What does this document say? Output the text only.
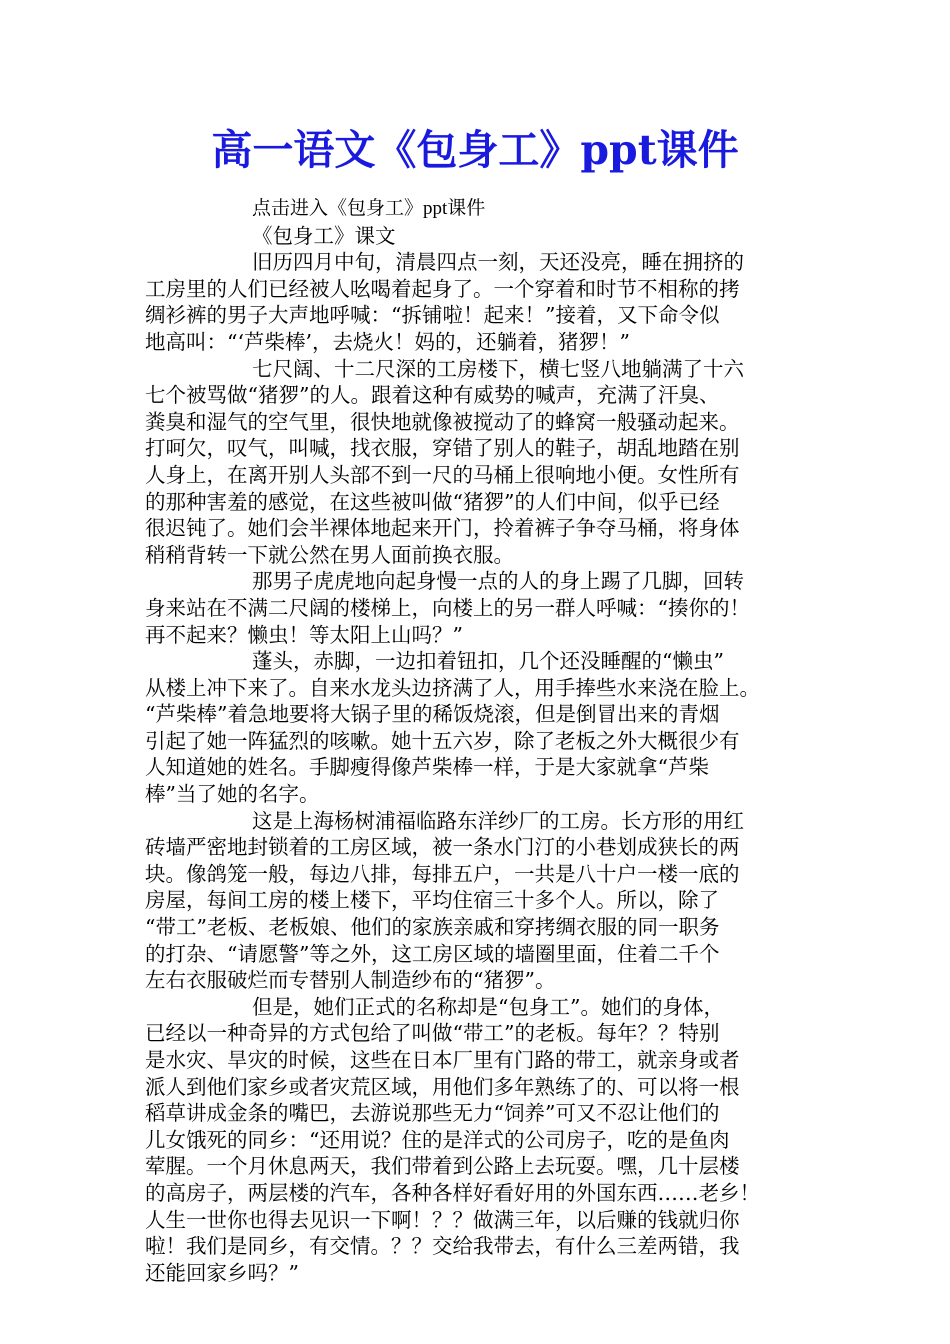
高一语文《包身工》ppt课件
点击进入《包身工》ppt课件
《包身工》课文
旧历四月中旬，清晨四点一刻，天还没亮，睡在拥挤的
工房里的人们已经被人吆喝着起身了。一个穿着和时节不相称的拷
绸衫裤的男子大声地呼喊：“拆铺啦！起来！”接着，又下命令似
地高叫：“‘芦柴棒’，去烧火！妈的，还躺着，猪猡！”
七尺阔、十二尺深的工房楼下，横七竖八地躺满了十六
七个被骂做“猪猡”的人。跟着这种有威势的喊声，充满了汗臭、
粪臭和湿气的空气里，很快地就像被搅动了的蜂窝一般骚动起来。
打呵欠，叹气，叫喊，找衣服，穿错了别人的鞋子，胡乱地踏在别
人身上，在离开别人头部不到一尺的马桶上很响地小便。女性所有
的那种害羞的感觉，在这些被叫做“猪猡”的人们中间，似乎已经
很迟钝了。她们会半裸体地起来开门，拎着裤子争夺马桶，将身体
稍稍背转一下就公然在男人面前换衣服。
那男子虎虎地向起身慢一点的人的身上踢了几脚，回转
身来站在不满二尺阔的楼梯上，向楼上的另一群人呼喊：“揍你的！
再不起来？懒虫！等太阳上山吗？”
蓬头，赤脚，一边扣着钮扣，几个还没睡醒的“懒虫”
从楼上冲下来了。自来水龙头边挤满了人，用手捧些水来浇在脸上。
“芦柴棒”着急地要将大锅子里的稀饭烧滚，但是倒冒出来的青烟
引起了她一阵猛烈的咳嗽。她十五六岁，除了老板之外大概很少有
人知道她的姓名。手脚瘦得像芦柴棒一样，于是大家就拿“芦柴
棒”当了她的名字。
这是上海杨树浦福临路东洋纱厂的工房。长方形的用红
砖墙严密地封锁着的工房区域，被一条水门汀的小巷划成狭长的两
块。像鸽笼一般，每边八排，每排五户，一共是八十户一楼一底的
房屋，每间工房的楼上楼下，平均住宿三十多个人。所以，除了
“带工”老板、老板娘、他们的家族亲戚和穿拷绸衣服的同一职务
的打杂、“请愿警”等之外，这工房区域的墙圈里面，住着二千个
左右衣服破烂而专替别人制造纱布的“猪猡”。
但是，她们正式的名称却是“包身工”。她们的身体，
已经以一种奇异的方式包给了叫做“带工”的老板。每年？？特别
是水灾、旱灾的时候，这些在日本厂里有门路的带工，就亲身或者
派人到他们家乡或者灾荒区域，用他们多年熟练了的、可以将一根
稻草讲成金条的嘴巴，去游说那些无力“饲养”可又不忍让他们的
儿女饿死的同乡：“还用说？住的是洋式的公司房子，吃的是鱼肉
荤腥。一个月休息两天，我们带着到公路上去玩耍。嘿，几十层楼
的高房子，两层楼的汽车，各种各样好看好用的外国东西……老乡！
人生一世你也得去见识一下啊！？？做满三年，以后赚的钱就归你
啦！我们是同乡，有交情。？？交给我带去，有什么三差两错，我
还能回家乡吗？”
